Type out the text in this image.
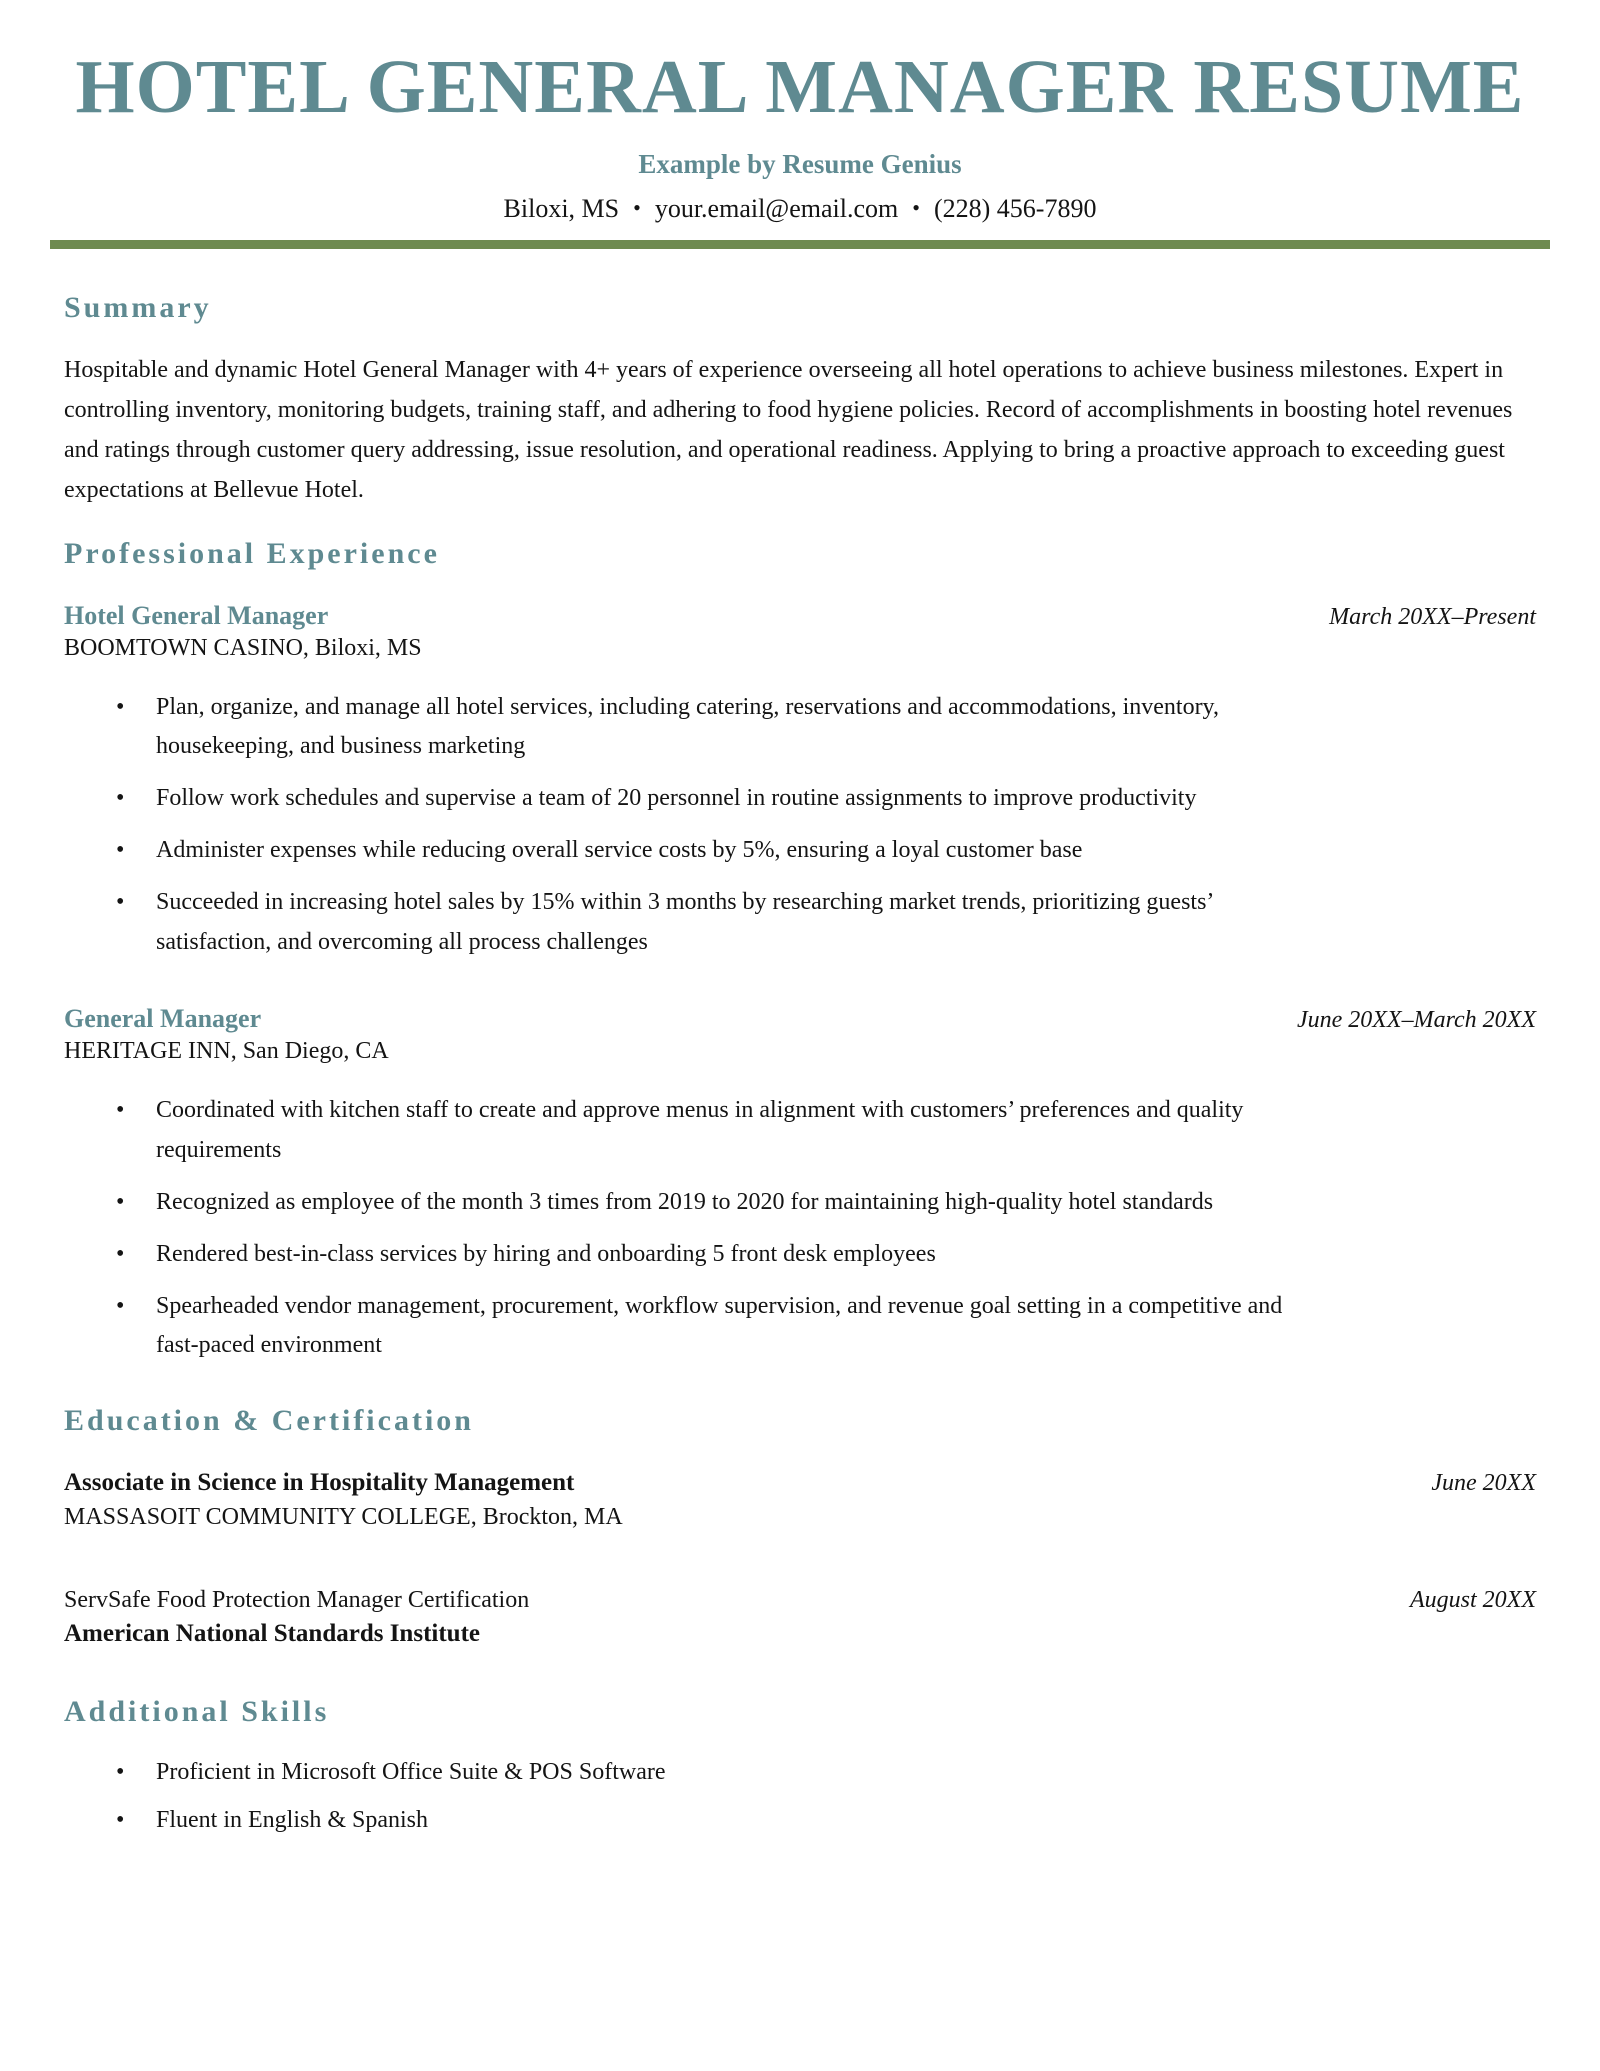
HOTEL GENERAL MANAGER RESUME
Example by Resume Genius
Biloxi, MS • your.email@email.com • (228) 456-7890
Summary

Hospitable and dynamic Hotel General Manager with 4+ years of experience overseeing all hotel operations to achieve business milestones. Expert in controlling inventory, monitoring budgets, training staff, and adhering to food hygiene policies. Record of accomplishments in boosting hotel revenues and ratings through customer query addressing, issue resolution, and operational readiness. Applying to bring a proactive approach to exceeding guest expectations at Bellevue Hotel.

Professional Experience
Hotel General Manager	March 20XX–Present
BOOMTOWN CASINO, Biloxi, MS
• Plan, organize, and manage all hotel services, including catering, reservations and accommodations, inventory, housekeeping, and business marketing
• Follow work schedules and supervise a team of 20 personnel in routine assignments to improve productivity
• Administer expenses while reducing overall service costs by 5%, ensuring a loyal customer base
• Succeeded in increasing hotel sales by 15% within 3 months by researching market trends, prioritizing guests’ satisfaction, and overcoming all process challenges
General Manager	June 20XX–March 20XX
HERITAGE INN, San Diego, CA
• Coordinated with kitchen staff to create and approve menus in alignment with customers’ preferences and quality requirements
• Recognized as employee of the month 3 times from 2019 to 2020 for maintaining high-quality hotel standards
• Rendered best-in-class services by hiring and onboarding 5 front desk employees
• Spearheaded vendor management, procurement, workflow supervision, and revenue goal setting in a competitive and fast-paced environment
Education & Certification
Associate in Science in Hospitality Management	June 20XX
MASSASOIT COMMUNITY COLLEGE, Brockton, MA
ServSafe Food Protection Manager Certification	August 20XX
American National Standards Institute
Additional Skills
• Proficient in Microsoft Office Suite & POS Software
• Fluent in English & Spanish
